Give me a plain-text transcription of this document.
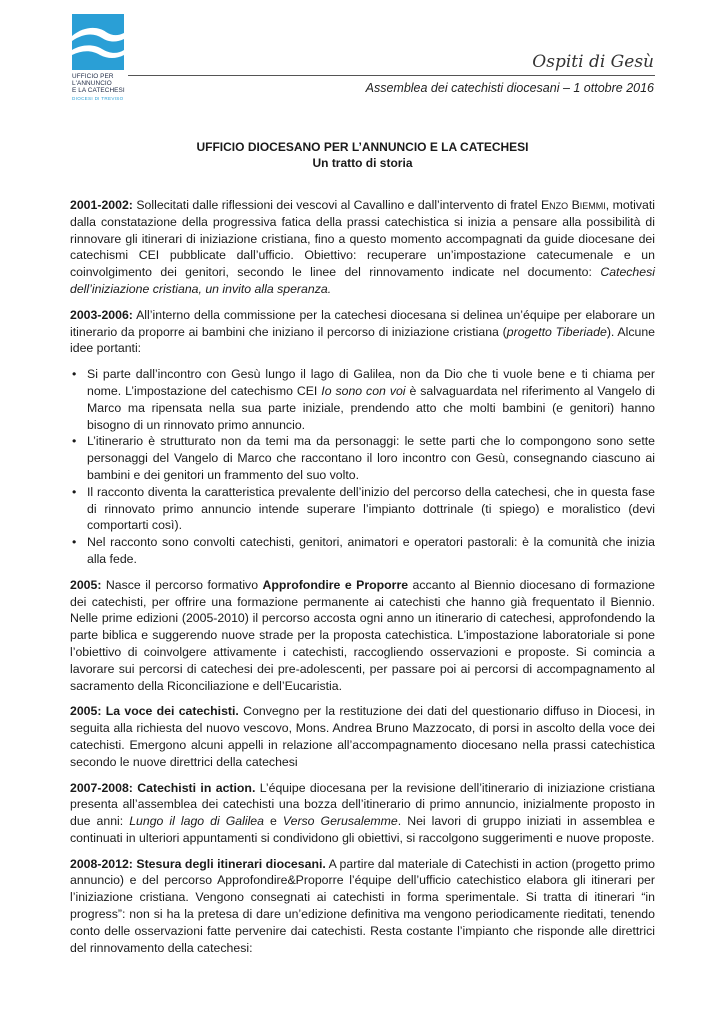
UFFICIO PER
L'ANNUNCIO
E LA CATECHESI
DIOCESI DI TREVISO
Ospiti di Gesù
Assemblea dei catechisti diocesani – 1 ottobre 2016
UFFICIO DIOCESANO PER L’ANNUNCIO E LA CATECHESI
Un tratto di storia

2001-2002: Sollecitati dalle riflessioni dei vescovi al Cavallino e dall’intervento di fratel Enzo Biemmi, motivati dalla constatazione della progressiva fatica della prassi catechistica si inizia a pensare alla possibilità di rinnovare gli itinerari di iniziazione cristiana, fino a questo momento accompagnati da guide diocesane dei catechismi CEI pubblicate dall’ufficio. Obiettivo: recuperare un’impostazione catecumenale e un coinvolgimento dei genitori, secondo le linee del rinnovamento indicate nel documento: Catechesi dell’iniziazione cristiana, un invito alla speranza.

2003-2006: All’interno della commissione per la catechesi diocesana si delinea un’équipe per elaborare un itinerario da proporre ai bambini che iniziano il percorso di iniziazione cristiana (progetto Tiberiade). Alcune idee portanti:

• Si parte dall’incontro con Gesù lungo il lago di Galilea, non da Dio che ti vuole bene e ti chiama per nome. L’impostazione del catechismo CEI Io sono con voi è salvaguardata nel riferimento al Vangelo di Marco ma ripensata nella sua parte iniziale, prendendo atto che molti bambini (e genitori) hanno bisogno di un rinnovato primo annuncio.
• L’itinerario è strutturato non da temi ma da personaggi: le sette parti che lo compongono sono sette personaggi del Vangelo di Marco che raccontano il loro incontro con Gesù, consegnando ciascuno ai bambini e dei genitori un frammento del suo volto.
• Il racconto diventa la caratteristica prevalente dell’inizio del percorso della catechesi, che in questa fase di rinnovato primo annuncio intende superare l’impianto dottrinale (ti spiego) e moralistico (devi comportarti così).
• Nel racconto sono convolti catechisti, genitori, animatori e operatori pastorali: è la comunità che inizia alla fede.

2005: Nasce il percorso formativo Approfondire e Proporre accanto al Biennio diocesano di formazione dei catechisti, per offrire una formazione permanente ai catechisti che hanno già frequentato il Biennio. Nelle prime edizioni (2005-2010) il percorso accosta ogni anno un itinerario di catechesi, approfondendo la parte biblica e suggerendo nuove strade per la proposta catechistica. L’impostazione laboratoriale si pone l’obiettivo di coinvolgere attivamente i catechisti, raccogliendo osservazioni e proposte. Si comincia a lavorare sui percorsi di catechesi dei pre-adolescenti, per passare poi ai percorsi di accompagnamento al sacramento della Riconciliazione e dell’Eucaristia.

2005: La voce dei catechisti. Convegno per la restituzione dei dati del questionario diffuso in Diocesi, in seguita alla richiesta del nuovo vescovo, Mons. Andrea Bruno Mazzocato, di porsi in ascolto della voce dei catechisti. Emergono alcuni appelli in relazione all’accompagnamento diocesano nella prassi catechistica secondo le nuove direttrici della catechesi

2007-2008: Catechisti in action. L’équipe diocesana per la revisione dell’itinerario di iniziazione cristiana presenta all’assemblea dei catechisti una bozza dell’itinerario di primo annuncio, inizialmente proposto in due anni: Lungo il lago di Galilea e Verso Gerusalemme. Nei lavori di gruppo iniziati in assemblea e continuati in ulteriori appuntamenti si condividono gli obiettivi, si raccolgono suggerimenti e nuove proposte.

2008-2012: Stesura degli itinerari diocesani. A partire dal materiale di Catechisti in action (progetto primo annuncio) e del percorso Approfondire&Proporre l’équipe dell’ufficio catechistico elabora gli itinerari per l’iniziazione cristiana. Vengono consegnati ai catechisti in forma sperimentale. Si tratta di itinerari “in progress”: non si ha la pretesa di dare un’edizione definitiva ma vengono periodicamente rieditati, tenendo conto delle osservazioni fatte pervenire dai catechisti. Resta costante l’impianto che risponde alle direttrici del rinnovamento della catechesi:
